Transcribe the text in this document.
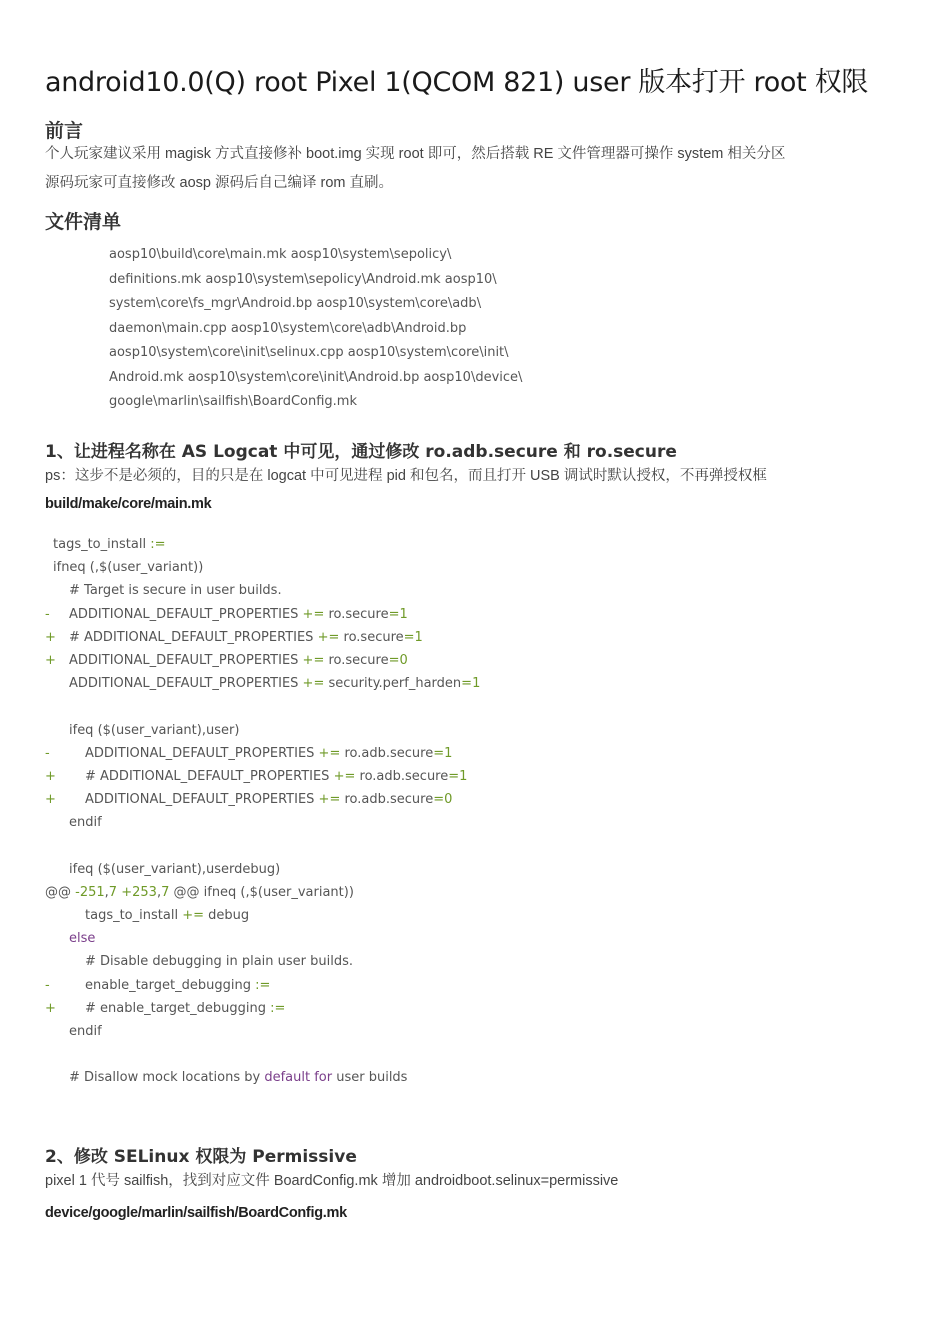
android10.0(Q) root Pixel 1(QCOM 821) user 版本打开 root 权限
前言
个人玩家建议采用 magisk 方式直接修补 boot.img 实现 root 即可，然后搭载 RE 文件管理器可操作 system 相关分区
源码玩家可直接修改 aosp 源码后自己编译 rom 直刷。
文件清单
aosp10\build\core\main.mk aosp10\system\sepolicy\
definitions.mk aosp10\system\sepolicy\Android.mk aosp10\
system\core\fs_mgr\Android.bp aosp10\system\core\adb\
daemon\main.cpp aosp10\system\core\adb\Android.bp
aosp10\system\core\init\selinux.cpp aosp10\system\core\init\
Android.mk aosp10\system\core\init\Android.bp aosp10\device\
google\marlin\sailfish\BoardConfig.mk
1、让进程名称在 AS Logcat 中可见，通过修改 ro.adb.secure 和 ro.secure
ps：这步不是必须的，目的只是在 logcat 中可见进程 pid 和包名，而且打开 USB 调试时默认授权，不再弹授权框
build/make/core/main.mk
tags_to_install :=
ifneq (,$(user_variant))
# Target is secure in user builds.
-	ADDITIONAL_DEFAULT_PROPERTIES += ro.secure=1
+	# ADDITIONAL_DEFAULT_PROPERTIES += ro.secure=1
+	ADDITIONAL_DEFAULT_PROPERTIES += ro.secure=0
ADDITIONAL_DEFAULT_PROPERTIES += security.perf_harden=1
ifeq ($(user_variant),user)
-	ADDITIONAL_DEFAULT_PROPERTIES += ro.adb.secure=1
+	# ADDITIONAL_DEFAULT_PROPERTIES += ro.adb.secure=1
+	ADDITIONAL_DEFAULT_PROPERTIES += ro.adb.secure=0
endif
ifeq ($(user_variant),userdebug)
@@ -251,7 +253,7 @@ ifneq (,$(user_variant))
tags_to_install += debug
else
# Disable debugging in plain user builds.
-	enable_target_debugging :=
+	# enable_target_debugging :=
endif
# Disallow mock locations by default for user builds
2、修改 SELinux 权限为 Permissive
pixel 1 代号 sailfish，找到对应文件 BoardConfig.mk 增加 androidboot.selinux=permissive
device/google/marlin/sailfish/BoardConfig.mk
